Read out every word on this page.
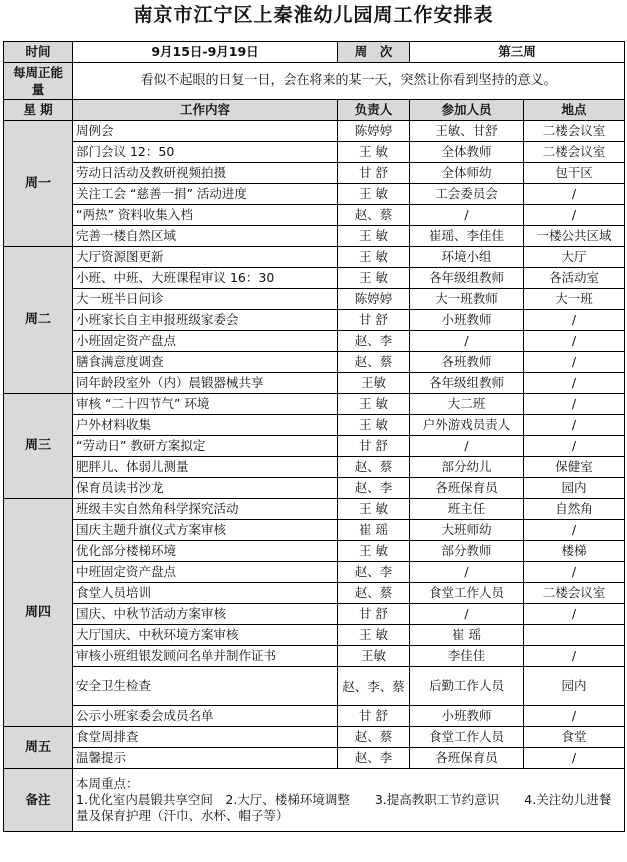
南京市江宁区上秦淮幼儿园周工作安排表
时间	9月15日-9月19日	周　次	第三周	
每周正能量	看似不起眼的日复一日，会在将来的某一天，突然让你看到坚持的意义。			
星 期	工作内容	负责人	参加人员	地点
周一	周例会	陈婷婷	王敏、甘舒	二楼会议室
	部门会议 12：50	王 敏	全体教师	二楼会议室
	劳动日活动及教研视频拍摄	甘 舒	全体师幼	包干区
	关注工会 “慈善一捐” 活动进度	王 敏	工会委员会	/
	“两热” 资料收集入档	赵、蔡	/	/
	完善一楼自然区域	王 敏	崔瑶、李佳佳	一楼公共区域
周二	大厅资源图更新	王 敏	环境小组	大厅
	小班、中班、大班课程审议 16：30	王 敏	各年级组教师	各活动室
	大一班半日问诊	陈婷婷	大一班教师	大一班
	小班家长自主申报班级家委会	甘 舒	小班教师	/
	小班固定资产盘点	赵、李	/	/
	膳食满意度调查	赵、蔡	各班教师	/
	同年龄段室外（内）晨锻器械共享	王敏	各年级组教师	/
周三	审核 “二十四节气” 环境	王 敏	大二班	/
	户外材料收集	王 敏	户外游戏员责人	/
	“劳动日” 教研方案拟定	甘 舒	/	/
	肥胖儿、体弱儿测量	赵、蔡	部分幼儿	保健室
	保育员读书沙龙	赵、李	各班保育员	园内
周四	班级丰实自然角科学探究活动	王 敏	班主任	自然角
	国庆主题升旗仪式方案审核	崔 瑶	大班师幼	/
	优化部分楼梯环境	王 敏	部分教师	楼梯
	中班固定资产盘点	赵、李	/	/
	食堂人员培训	赵、蔡	食堂工作人员	二楼会议室
	国庆、中秋节活动方案审核	甘 舒	/	/
	大厅国庆、中秋环境方案审核	王 敏	崔 瑶	
	审核小班组银发顾问名单并制作证书	王敏	李佳佳	/
	安全卫生检查	赵、李、蔡	后勤工作人员	园内
	公示小班家委会成员名单	甘 舒	小班教师	/
周五	食堂周排查	赵、蔡	食堂工作人员	食堂
	温馨提示	赵、李	各班保育员	/
备注	本周重点：
1.优化室内晨锻共享空间　2.大厅、楼梯环境调整　　3.提高教职工节约意识　　4.关注幼儿进餐量及保育护理（汗巾、水杯、帽子等）			
